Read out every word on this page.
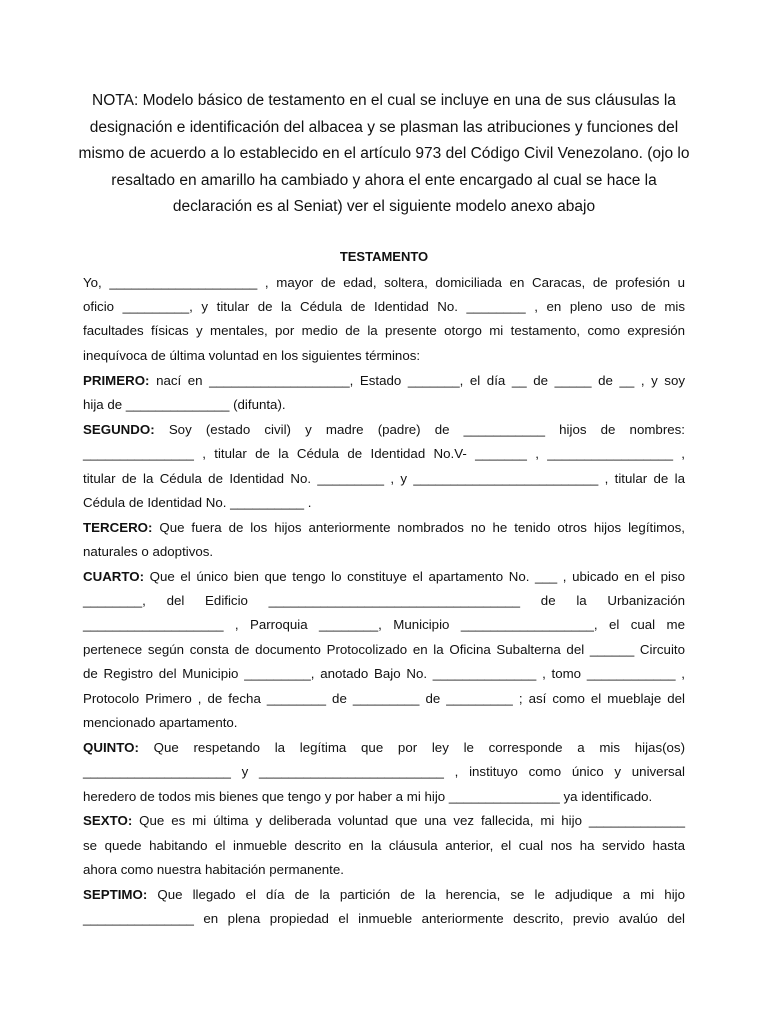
NOTA: Modelo básico de testamento en el cual se incluye en una de sus cláusulas la
designación e identificación del albacea y se plasman las atribuciones y funciones del
mismo de acuerdo a lo establecido en el artículo 973 del Código Civil Venezolano. (ojo lo
resaltado en amarillo ha cambiado y ahora el ente encargado al cual se hace la
declaración es al Seniat) ver el siguiente modelo anexo abajo
TESTAMENTO
Yo, ____________________ , mayor de edad, soltera, domiciliada en Caracas, de profesión u
oficio _________, y titular de la Cédula de Identidad No. ________ , en pleno uso de mis
facultades físicas y mentales, por medio de la presente otorgo mi testamento, como expresión
inequívoca de última voluntad en los siguientes términos:
PRIMERO: nací en ___________________, Estado _______, el día __ de _____ de __ , y soy
hija de ______________ (difunta).
SEGUNDO: Soy (estado civil) y madre (padre) de ___________ hijos de nombres:
_______________ , titular de la Cédula de Identidad No.V- _______ , _________________ ,
titular de la Cédula de Identidad No. _________ , y _________________________ , titular de la
Cédula de Identidad No. __________ .
TERCERO: Que fuera de los hijos anteriormente nombrados no he tenido otros hijos legítimos,
naturales o adoptivos.
CUARTO: Que el único bien que tengo lo constituye el apartamento No. ___ , ubicado en el piso
________, del Edificio __________________________________ de la Urbanización
___________________ , Parroquia ________, Municipio __________________, el cual me
pertenece según consta de documento Protocolizado en la Oficina Subalterna del ______ Circuito
de Registro del Municipio _________, anotado Bajo No. ______________ , tomo ____________ ,
Protocolo Primero , de fecha ________ de _________ de _________ ; así como el mueblaje del
mencionado apartamento.
QUINTO: Que respetando la legítima que por ley le corresponde a mis hijas(os)
____________________ y _________________________ , instituyo como único y universal
heredero de todos mis bienes que tengo y por haber a mi hijo _______________ ya identificado.
SEXTO: Que es mi última y deliberada voluntad que una vez fallecida, mi hijo _____________
se quede habitando el inmueble descrito en la cláusula anterior, el cual nos ha servido hasta
ahora como nuestra habitación permanente.
SEPTIMO: Que llegado el día de la partición de la herencia, se le adjudique a mi hijo
_______________ en plena propiedad el inmueble anteriormente descrito, previo avalúo del
